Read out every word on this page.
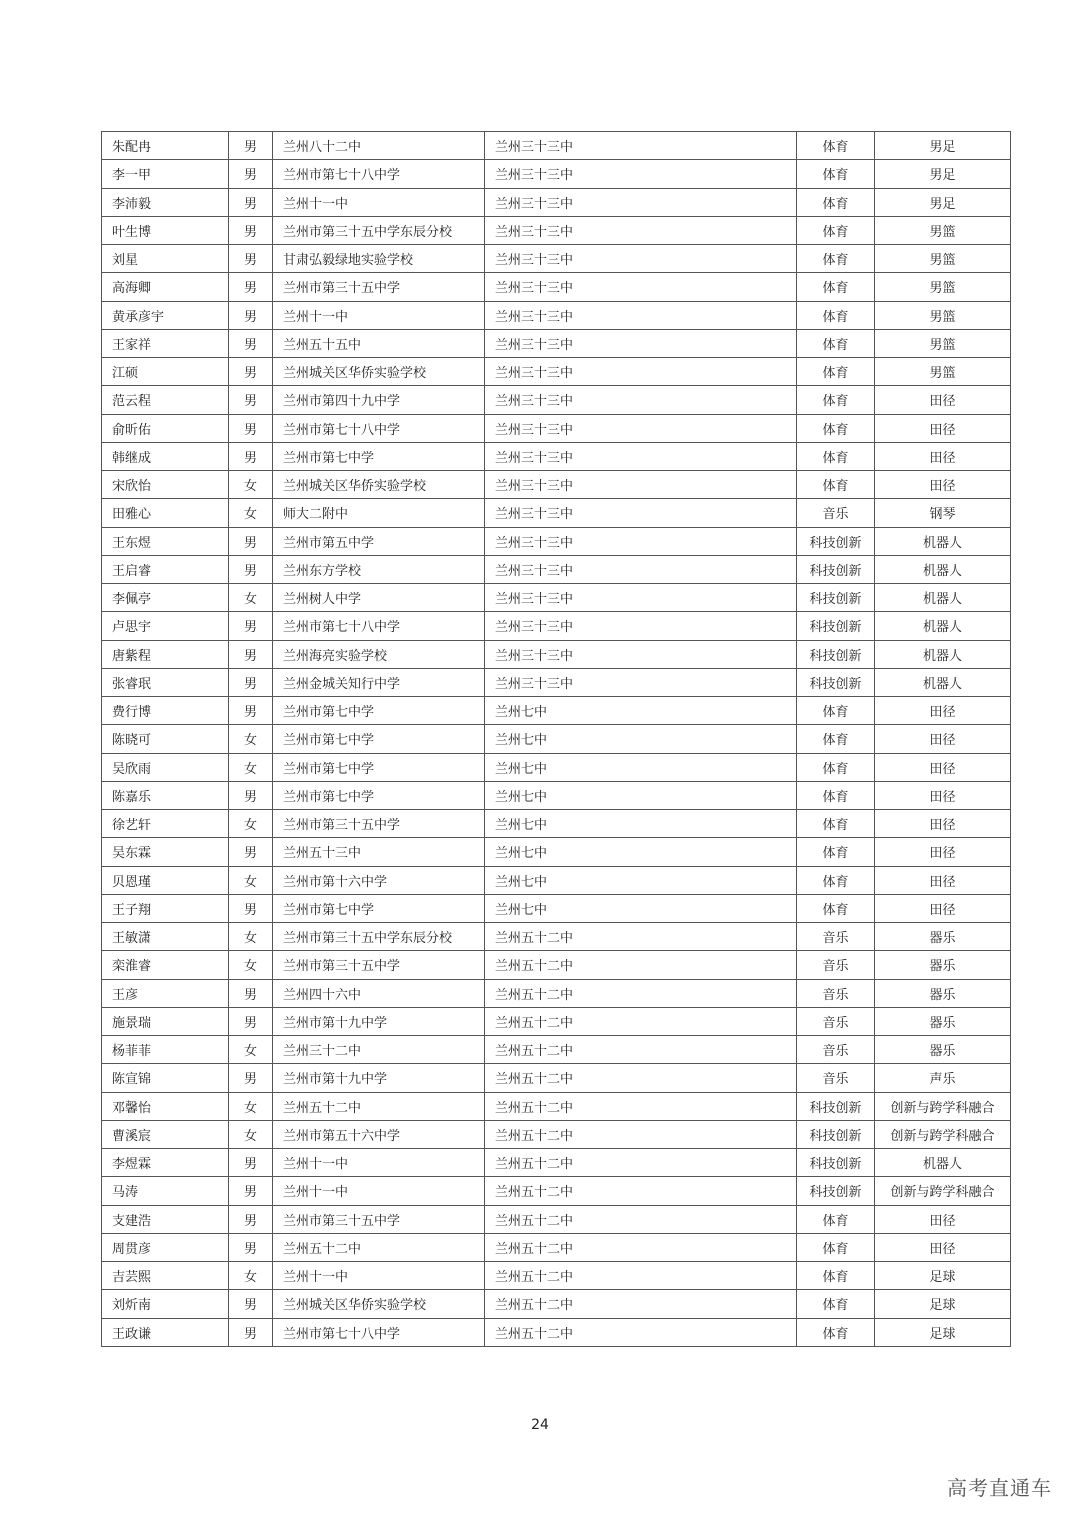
朱配冉	男	兰州八十二中	兰州三十三中	体育	男足
李一甲	男	兰州市第七十八中学	兰州三十三中	体育	男足
李沛毅	男	兰州十一中	兰州三十三中	体育	男足
叶生博	男	兰州市第三十五中学东辰分校	兰州三十三中	体育	男篮
刘星	男	甘肃弘毅绿地实验学校	兰州三十三中	体育	男篮
高海卿	男	兰州市第三十五中学	兰州三十三中	体育	男篮
黄承彦宇	男	兰州十一中	兰州三十三中	体育	男篮
王家祥	男	兰州五十五中	兰州三十三中	体育	男篮
江硕	男	兰州城关区华侨实验学校	兰州三十三中	体育	男篮
范云程	男	兰州市第四十九中学	兰州三十三中	体育	田径
俞昕佑	男	兰州市第七十八中学	兰州三十三中	体育	田径
韩继成	男	兰州市第七中学	兰州三十三中	体育	田径
宋欣怡	女	兰州城关区华侨实验学校	兰州三十三中	体育	田径
田雅心	女	师大二附中	兰州三十三中	音乐	钢琴
王东煜	男	兰州市第五中学	兰州三十三中	科技创新	机器人
王启睿	男	兰州东方学校	兰州三十三中	科技创新	机器人
李佩亭	女	兰州树人中学	兰州三十三中	科技创新	机器人
卢思宇	男	兰州市第七十八中学	兰州三十三中	科技创新	机器人
唐紫程	男	兰州海亮实验学校	兰州三十三中	科技创新	机器人
张睿珉	男	兰州金城关知行中学	兰州三十三中	科技创新	机器人
费行博	男	兰州市第七中学	兰州七中	体育	田径
陈晓可	女	兰州市第七中学	兰州七中	体育	田径
吴欣雨	女	兰州市第七中学	兰州七中	体育	田径
陈嘉乐	男	兰州市第七中学	兰州七中	体育	田径
徐艺轩	女	兰州市第三十五中学	兰州七中	体育	田径
吴东霖	男	兰州五十三中	兰州七中	体育	田径
贝恩瑾	女	兰州市第十六中学	兰州七中	体育	田径
王子翔	男	兰州市第七中学	兰州七中	体育	田径
王敏潇	女	兰州市第三十五中学东辰分校	兰州五十二中	音乐	器乐
栾淮睿	女	兰州市第三十五中学	兰州五十二中	音乐	器乐
王彦	男	兰州四十六中	兰州五十二中	音乐	器乐
施景瑞	男	兰州市第十九中学	兰州五十二中	音乐	器乐
杨菲菲	女	兰州三十二中	兰州五十二中	音乐	器乐
陈宣锦	男	兰州市第十九中学	兰州五十二中	音乐	声乐
邓馨怡	女	兰州五十二中	兰州五十二中	科技创新	创新与跨学科融合
曹溪宸	女	兰州市第五十六中学	兰州五十二中	科技创新	创新与跨学科融合
李煜霖	男	兰州十一中	兰州五十二中	科技创新	机器人
马涛	男	兰州十一中	兰州五十二中	科技创新	创新与跨学科融合
支建浩	男	兰州市第三十五中学	兰州五十二中	体育	田径
周贯彦	男	兰州五十二中	兰州五十二中	体育	田径
吉芸熙	女	兰州十一中	兰州五十二中	体育	足球
刘炘南	男	兰州城关区华侨实验学校	兰州五十二中	体育	足球
王政谦	男	兰州市第七十八中学	兰州五十二中	体育	足球
24
高考直通车
